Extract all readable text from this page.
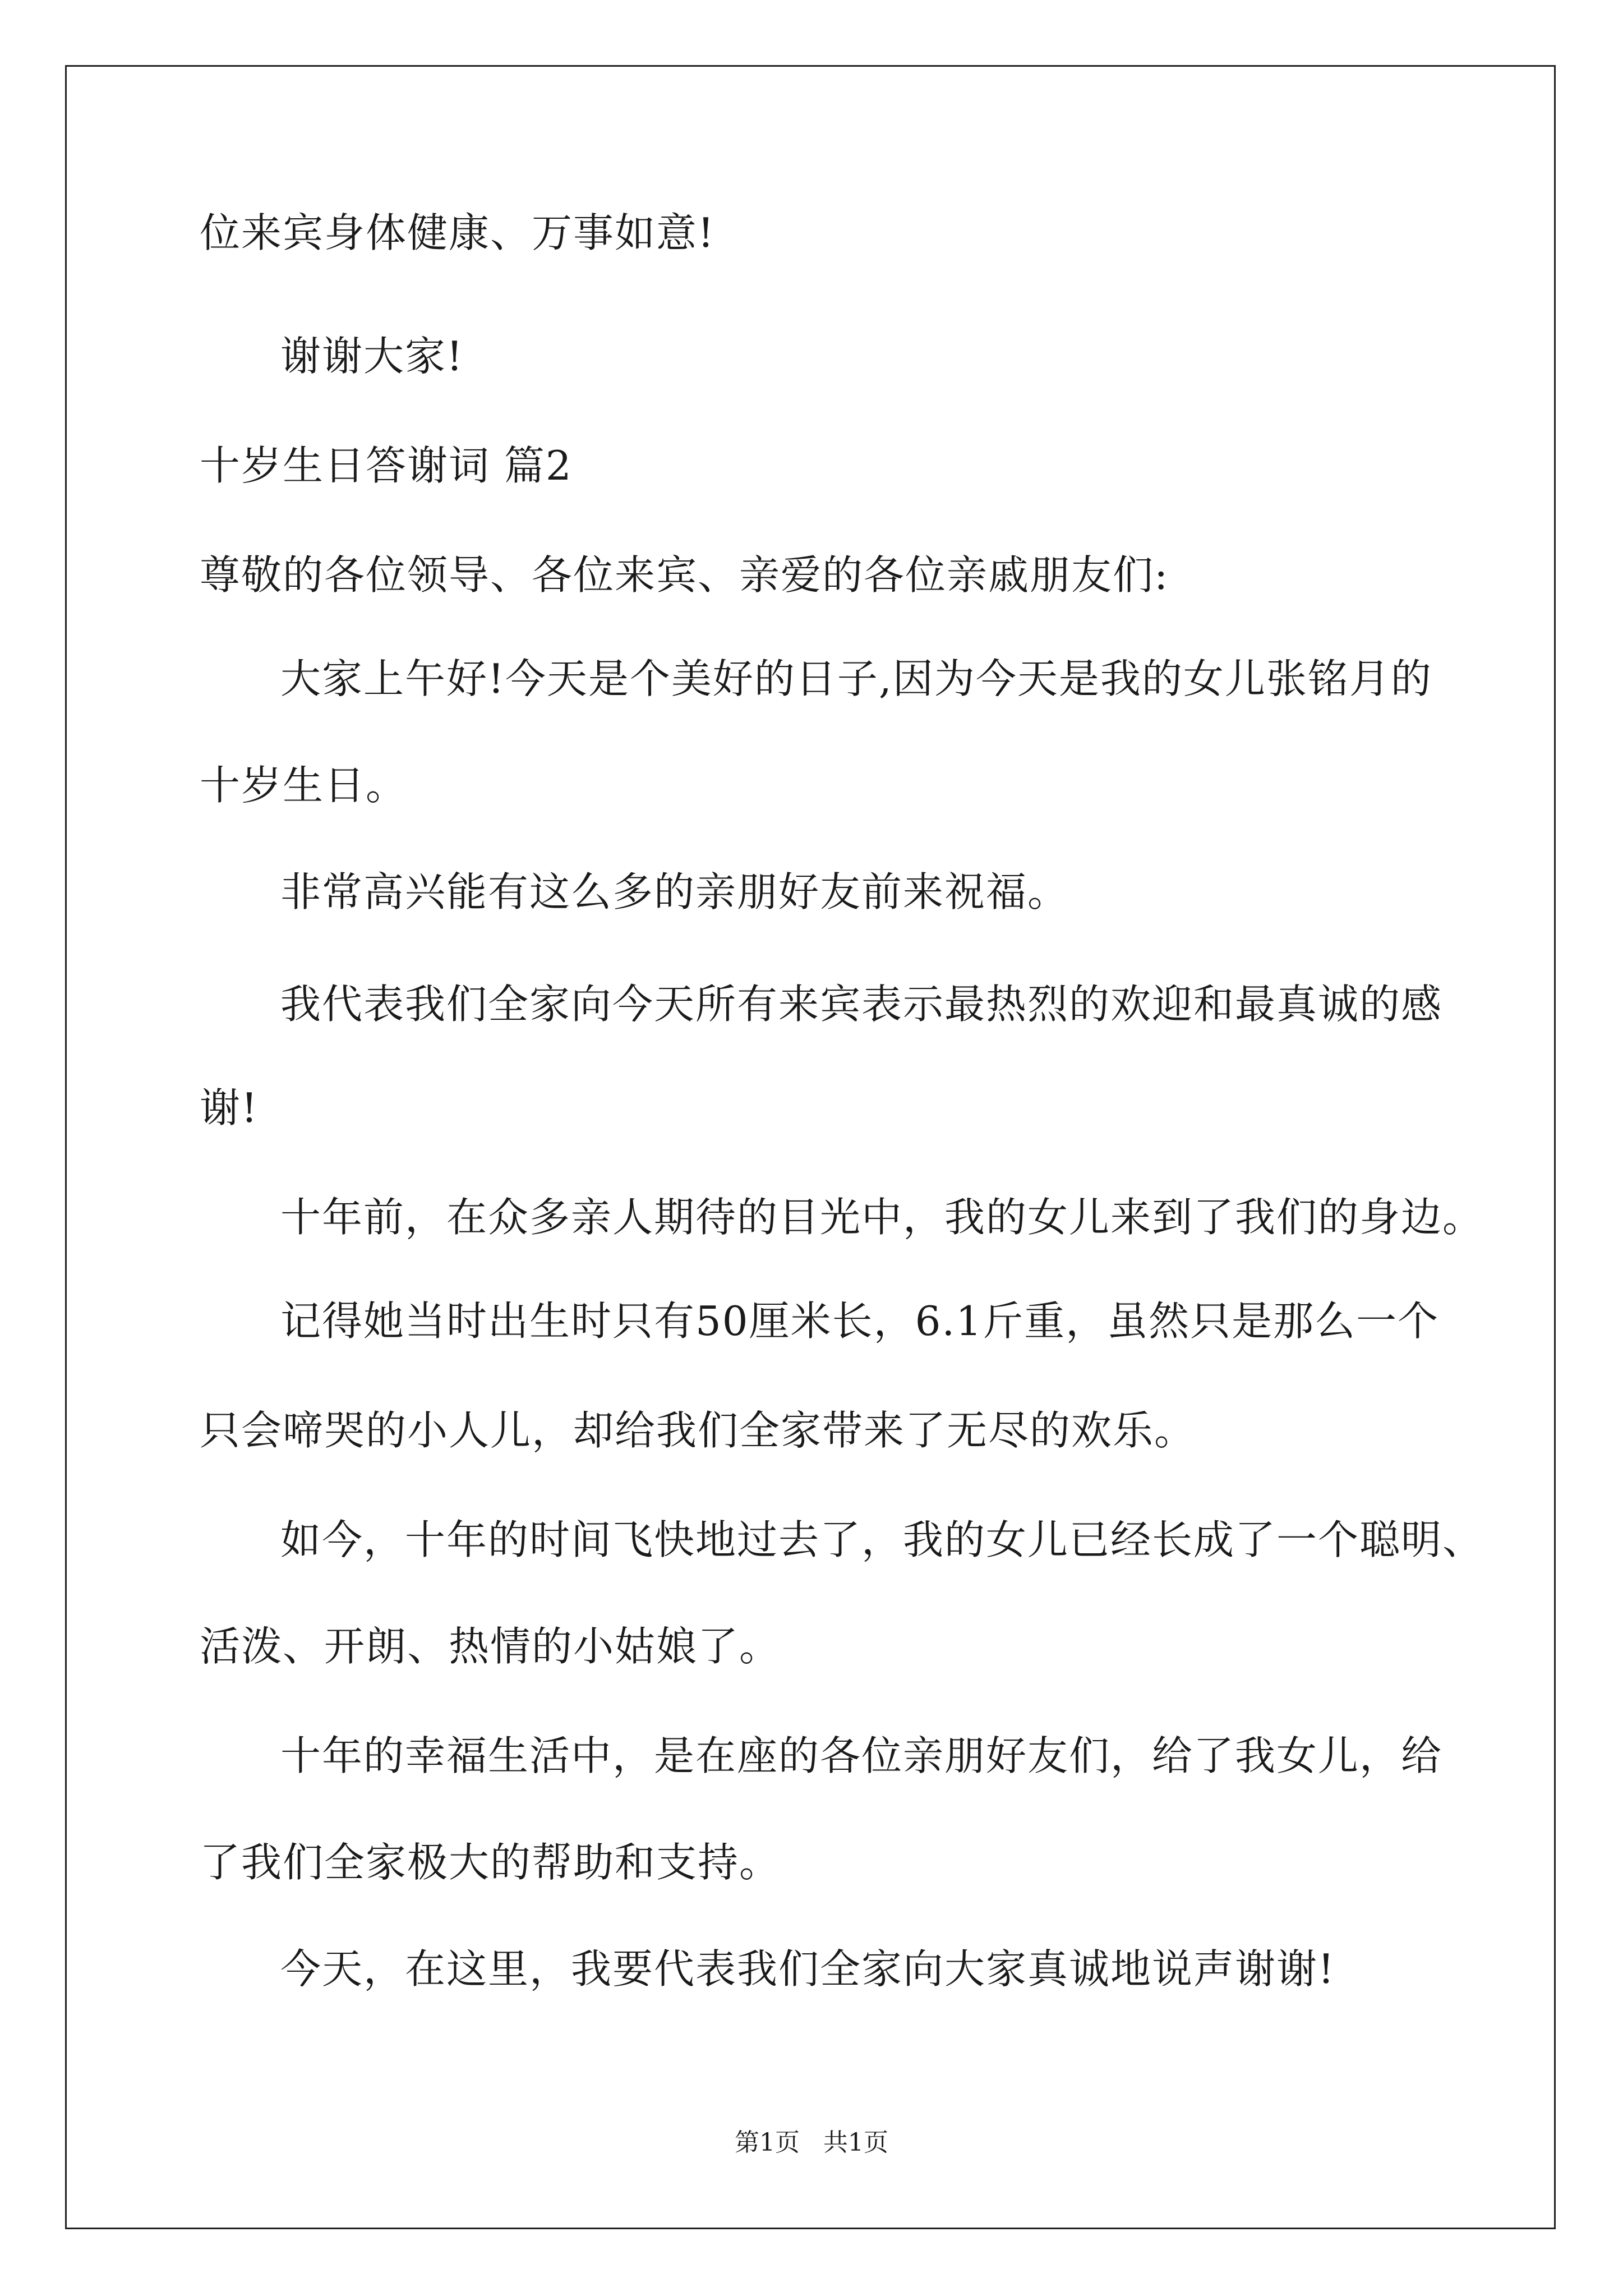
位来宾身体健康、万事如意!
谢谢大家!
十岁生日答谢词 篇2
尊敬的各位领导、各位来宾、亲爱的各位亲戚朋友们:
大家上午好!今天是个美好的日子,因为今天是我的女儿张铭月的
十岁生日。
非常高兴能有这么多的亲朋好友前来祝福。
我代表我们全家向今天所有来宾表示最热烈的欢迎和最真诚的感
谢!
十年前，在众多亲人期待的目光中，我的女儿来到了我们的身边。
记得她当时出生时只有50厘米长，6.1斤重，虽然只是那么一个
只会啼哭的小人儿，却给我们全家带来了无尽的欢乐。
如今，十年的时间飞快地过去了，我的女儿已经长成了一个聪明、
活泼、开朗、热情的小姑娘了。
十年的幸福生活中，是在座的各位亲朋好友们，给了我女儿，给
了我们全家极大的帮助和支持。
今天，在这里，我要代表我们全家向大家真诚地说声谢谢!
第1页   共1页
